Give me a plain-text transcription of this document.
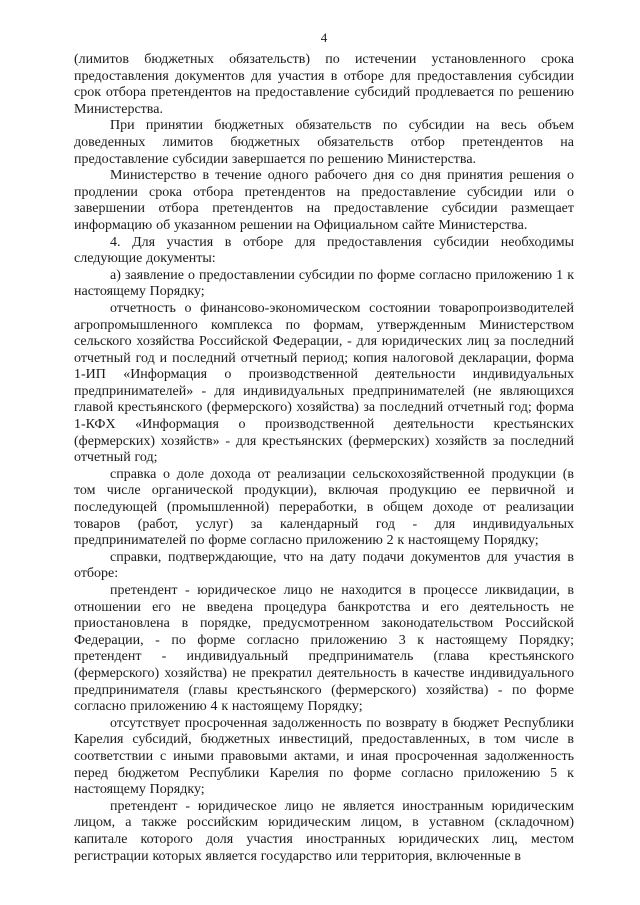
4

(лимитов бюджетных обязательств) по истечении установленного срока предоставления документов для участия в отборе для предоставления субсидии срок отбора претендентов на предоставление субсидий продлевается по решению Министерства.

При принятии бюджетных обязательств по субсидии на весь объем доведенных лимитов бюджетных обязательств отбор претендентов на предоставление субсидии завершается по решению Министерства.

Министерство в течение одного рабочего дня со дня принятия решения о продлении срока отбора претендентов на предоставление субсидии или о завершении отбора претендентов на предоставление субсидии размещает информацию об указанном решении на Официальном сайте Министерства.

4. Для участия в отборе для предоставления субсидии необходимы следующие документы:

а) заявление о предоставлении субсидии по форме согласно приложению 1 к настоящему Порядку;

отчетность о финансово-экономическом состоянии товаропроизводителей агропромышленного комплекса по формам, утвержденным Министерством сельского хозяйства Российской Федерации, - для юридических лиц за последний отчетный год и последний отчетный период; копия налоговой декларации, форма 1-ИП «Информация о производственной деятельности индивидуальных предпринимателей» - для индивидуальных предпринимателей (не являющихся главой крестьянского (фермерского) хозяйства) за последний отчетный год; форма 1-КФХ «Информация о производственной деятельности крестьянских (фермерских) хозяйств» - для крестьянских (фермерских) хозяйств за последний отчетный год;

справка о доле дохода от реализации сельскохозяйственной продукции (в том числе органической продукции), включая продукцию ее первичной и последующей (промышленной) переработки, в общем доходе от реализации товаров (работ, услуг) за календарный год - для индивидуальных предпринимателей по форме согласно приложению 2 к настоящему Порядку;

справки, подтверждающие, что на дату подачи документов для участия в отборе:

претендент - юридическое лицо не находится в процессе ликвидации, в отношении его не введена процедура банкротства и его деятельность не приостановлена в порядке, предусмотренном законодательством Российской Федерации, - по форме согласно приложению 3 к настоящему Порядку; претендент - индивидуальный предприниматель (глава крестьянского (фермерского) хозяйства) не прекратил деятельность в качестве индивидуального предпринимателя (главы крестьянского (фермерского) хозяйства) - по форме согласно приложению 4 к настоящему Порядку;

отсутствует просроченная задолженность по возврату в бюджет Республики Карелия субсидий, бюджетных инвестиций, предоставленных, в том числе в соответствии с иными правовыми актами, и иная просроченная задолженность перед бюджетом Республики Карелия по форме согласно приложению 5 к настоящему Порядку;

претендент - юридическое лицо не является иностранным юридическим лицом, а также российским юридическим лицом, в уставном (складочном) капитале которого доля участия иностранных юридических лиц, местом регистрации которых является государство или территория, включенные в
